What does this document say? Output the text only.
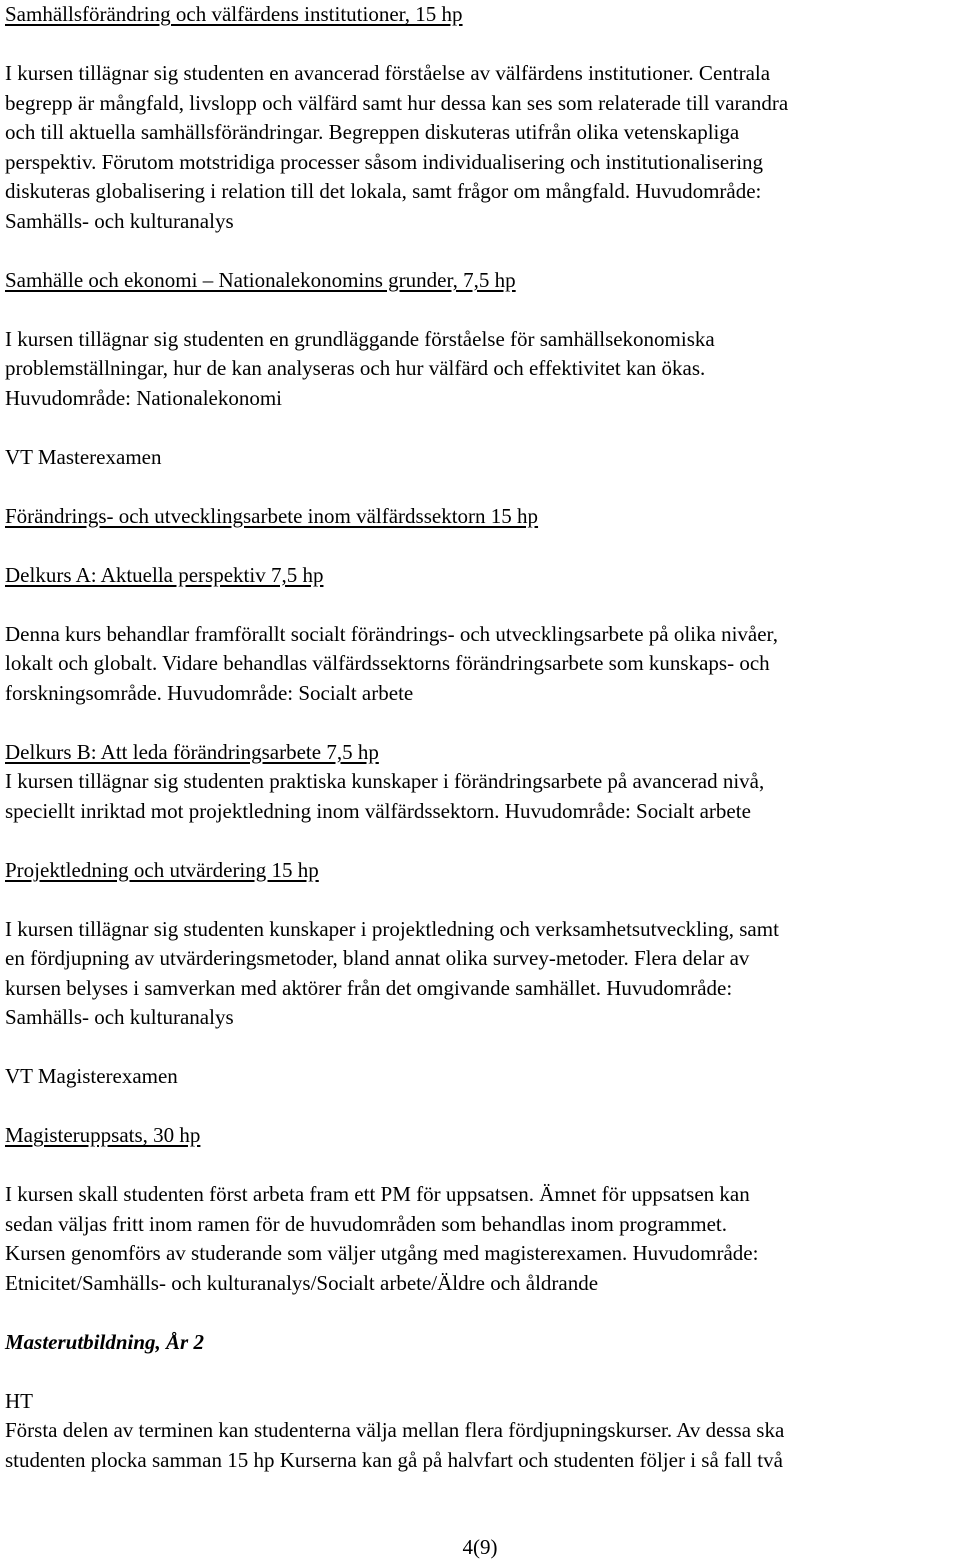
Samhällsförändring och välfärdens institutioner, 15 hp
I kursen tillägnar sig studenten en avancerad förståelse av välfärdens institutioner. Centrala
begrepp är mångfald, livslopp och välfärd samt hur dessa kan ses som relaterade till varandra
och till aktuella samhällsförändringar. Begreppen diskuteras utifrån olika vetenskapliga
perspektiv. Förutom motstridiga processer såsom individualisering och institutionalisering
diskuteras globalisering i relation till det lokala, samt frågor om mångfald. Huvudområde:
Samhälls- och kulturanalys
Samhälle och ekonomi – Nationalekonomins grunder, 7,5 hp
I kursen tillägnar sig studenten en grundläggande förståelse för samhällsekonomiska
problemställningar, hur de kan analyseras och hur välfärd och effektivitet kan ökas.
Huvudområde: Nationalekonomi
VT Masterexamen
Förändrings- och utvecklingsarbete inom välfärdssektorn 15 hp
Delkurs A: Aktuella perspektiv 7,5 hp
Denna kurs behandlar framförallt socialt förändrings- och utvecklingsarbete på olika nivåer,
lokalt och globalt. Vidare behandlas välfärdssektorns förändringsarbete som kunskaps- och
forskningsområde. Huvudområde: Socialt arbete
Delkurs B: Att leda förändringsarbete 7,5 hp
I kursen tillägnar sig studenten praktiska kunskaper i förändringsarbete på avancerad nivå,
speciellt inriktad mot projektledning inom välfärdssektorn. Huvudområde: Socialt arbete
Projektledning och utvärdering 15 hp
I kursen tillägnar sig studenten kunskaper i projektledning och verksamhetsutveckling, samt
en fördjupning av utvärderingsmetoder, bland annat olika survey-metoder. Flera delar av
kursen belyses i samverkan med aktörer från det omgivande samhället. Huvudområde:
Samhälls- och kulturanalys
VT Magisterexamen
Magisteruppsats, 30 hp
I kursen skall studenten först arbeta fram ett PM för uppsatsen. Ämnet för uppsatsen kan
sedan väljas fritt inom ramen för de huvudområden som behandlas inom programmet.
Kursen genomförs av studerande som väljer utgång med magisterexamen. Huvudområde:
Etnicitet/Samhälls- och kulturanalys/Socialt arbete/Äldre och åldrande
Masterutbildning, År 2
HT
Första delen av terminen kan studenterna välja mellan flera fördjupningskurser. Av dessa ska
studenten plocka samman 15 hp Kurserna kan gå på halvfart och studenten följer i så fall två
4(9)
